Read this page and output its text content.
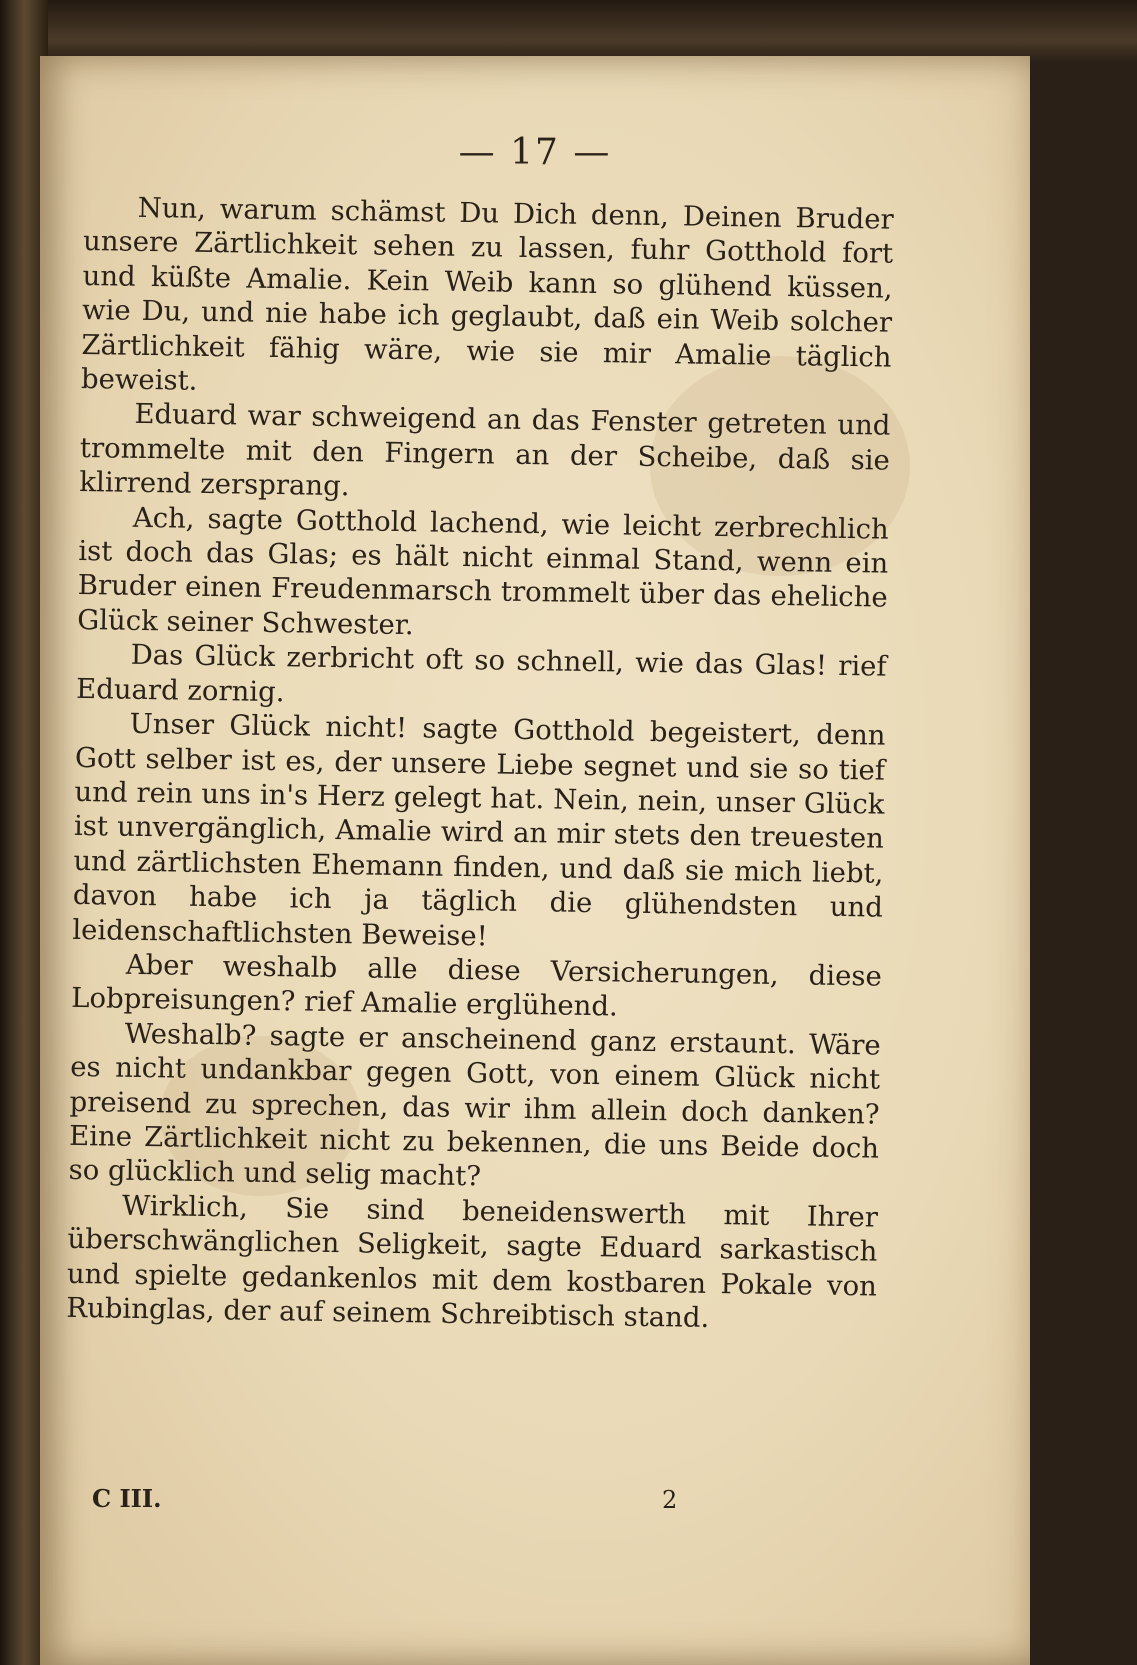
— 17 —

Nun, warum schämst Du Dich denn, Deinen Bruder unsere Zärtlichkeit sehen zu lassen, fuhr Gotthold fort und küßte Amalie. Kein Weib kann so glühend küssen, wie Du, und nie habe ich geglaubt, daß ein Weib solcher Zärtlichkeit fähig wäre, wie sie mir Amalie täglich beweist.

Eduard war schweigend an das Fenster getreten und trommelte mit den Fingern an der Scheibe, daß sie klirrend zersprang.

Ach, sagte Gotthold lachend, wie leicht zerbrechlich ist doch das Glas; es hält nicht einmal Stand, wenn ein Bruder einen Freudenmarsch trommelt über das eheliche Glück seiner Schwester.

Das Glück zerbricht oft so schnell, wie das Glas! rief Eduard zornig.

Unser Glück nicht! sagte Gotthold begeistert, denn Gott selber ist es, der unsere Liebe segnet und sie so tief und rein uns in's Herz gelegt hat. Nein, nein, unser Glück ist unvergänglich, Amalie wird an mir stets den treuesten und zärtlichsten Ehemann finden, und daß sie mich liebt, davon habe ich ja täglich die glühendsten und leidenschaftlichsten Beweise!

Aber weshalb alle diese Versicherungen, diese Lobpreisungen? rief Amalie erglühend.

Weshalb? sagte er anscheinend ganz erstaunt. Wäre es nicht undankbar gegen Gott, von einem Glück nicht preisend zu sprechen, das wir ihm allein doch danken? Eine Zärtlichkeit nicht zu bekennen, die uns Beide doch so glücklich und selig macht?

Wirklich, Sie sind beneidenswerth mit Ihrer überschwänglichen Seligkeit, sagte Eduard sarkastisch und spielte gedankenlos mit dem kostbaren Pokale von Rubinglas, der auf seinem Schreibtisch stand.

C III.	2
